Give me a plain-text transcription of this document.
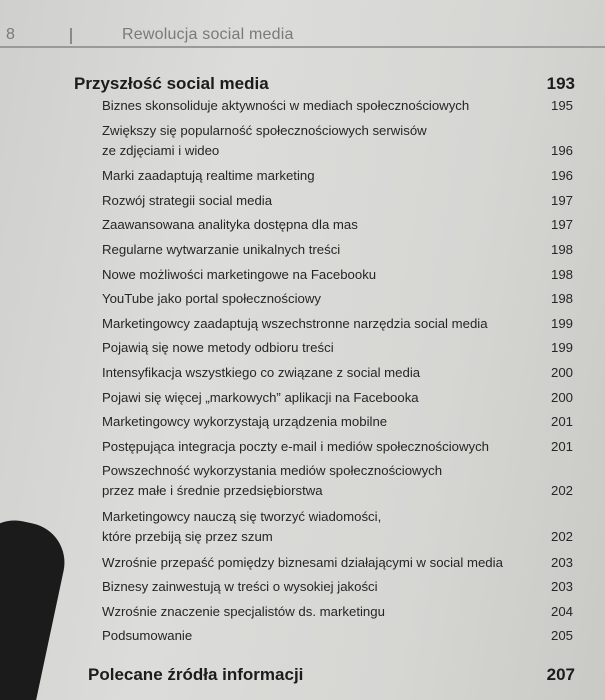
8	Rewolucja social media
Przyszłość social media	193
Biznes skonsoliduje aktywności w mediach społecznościowych	195
Zwiększy się popularność społecznościowych serwisów
ze zdjęciami i wideo	196
Marki zaadaptują realtime marketing	196
Rozwój strategii social media	197
Zaawansowana analityka dostępna dla mas	197
Regularne wytwarzanie unikalnych treści	198
Nowe możliwości marketingowe na Facebooku	198
YouTube jako portal społecznościowy	198
Marketingowcy zaadaptują wszechstronne narzędzia social media	199
Pojawią się nowe metody odbioru treści	199
Intensyfikacja wszystkiego co związane z social media	200
Pojawi się więcej „markowych” aplikacji na Facebooka	200
Marketingowcy wykorzystają urządzenia mobilne	201
Postępująca integracja poczty e-mail i mediów społecznościowych	201
Powszechność wykorzystania mediów społecznościowych
przez małe i średnie przedsiębiorstwa	202
Marketingowcy nauczą się tworzyć wiadomości,
które przebiją się przez szum	202
Wzrośnie przepaść pomiędzy biznesami działającymi w social media	203
Biznesy zainwestują w treści o wysokiej jakości	203
Wzrośnie znaczenie specjalistów ds. marketingu	204
Podsumowanie	205
Polecane źródła informacji	207
